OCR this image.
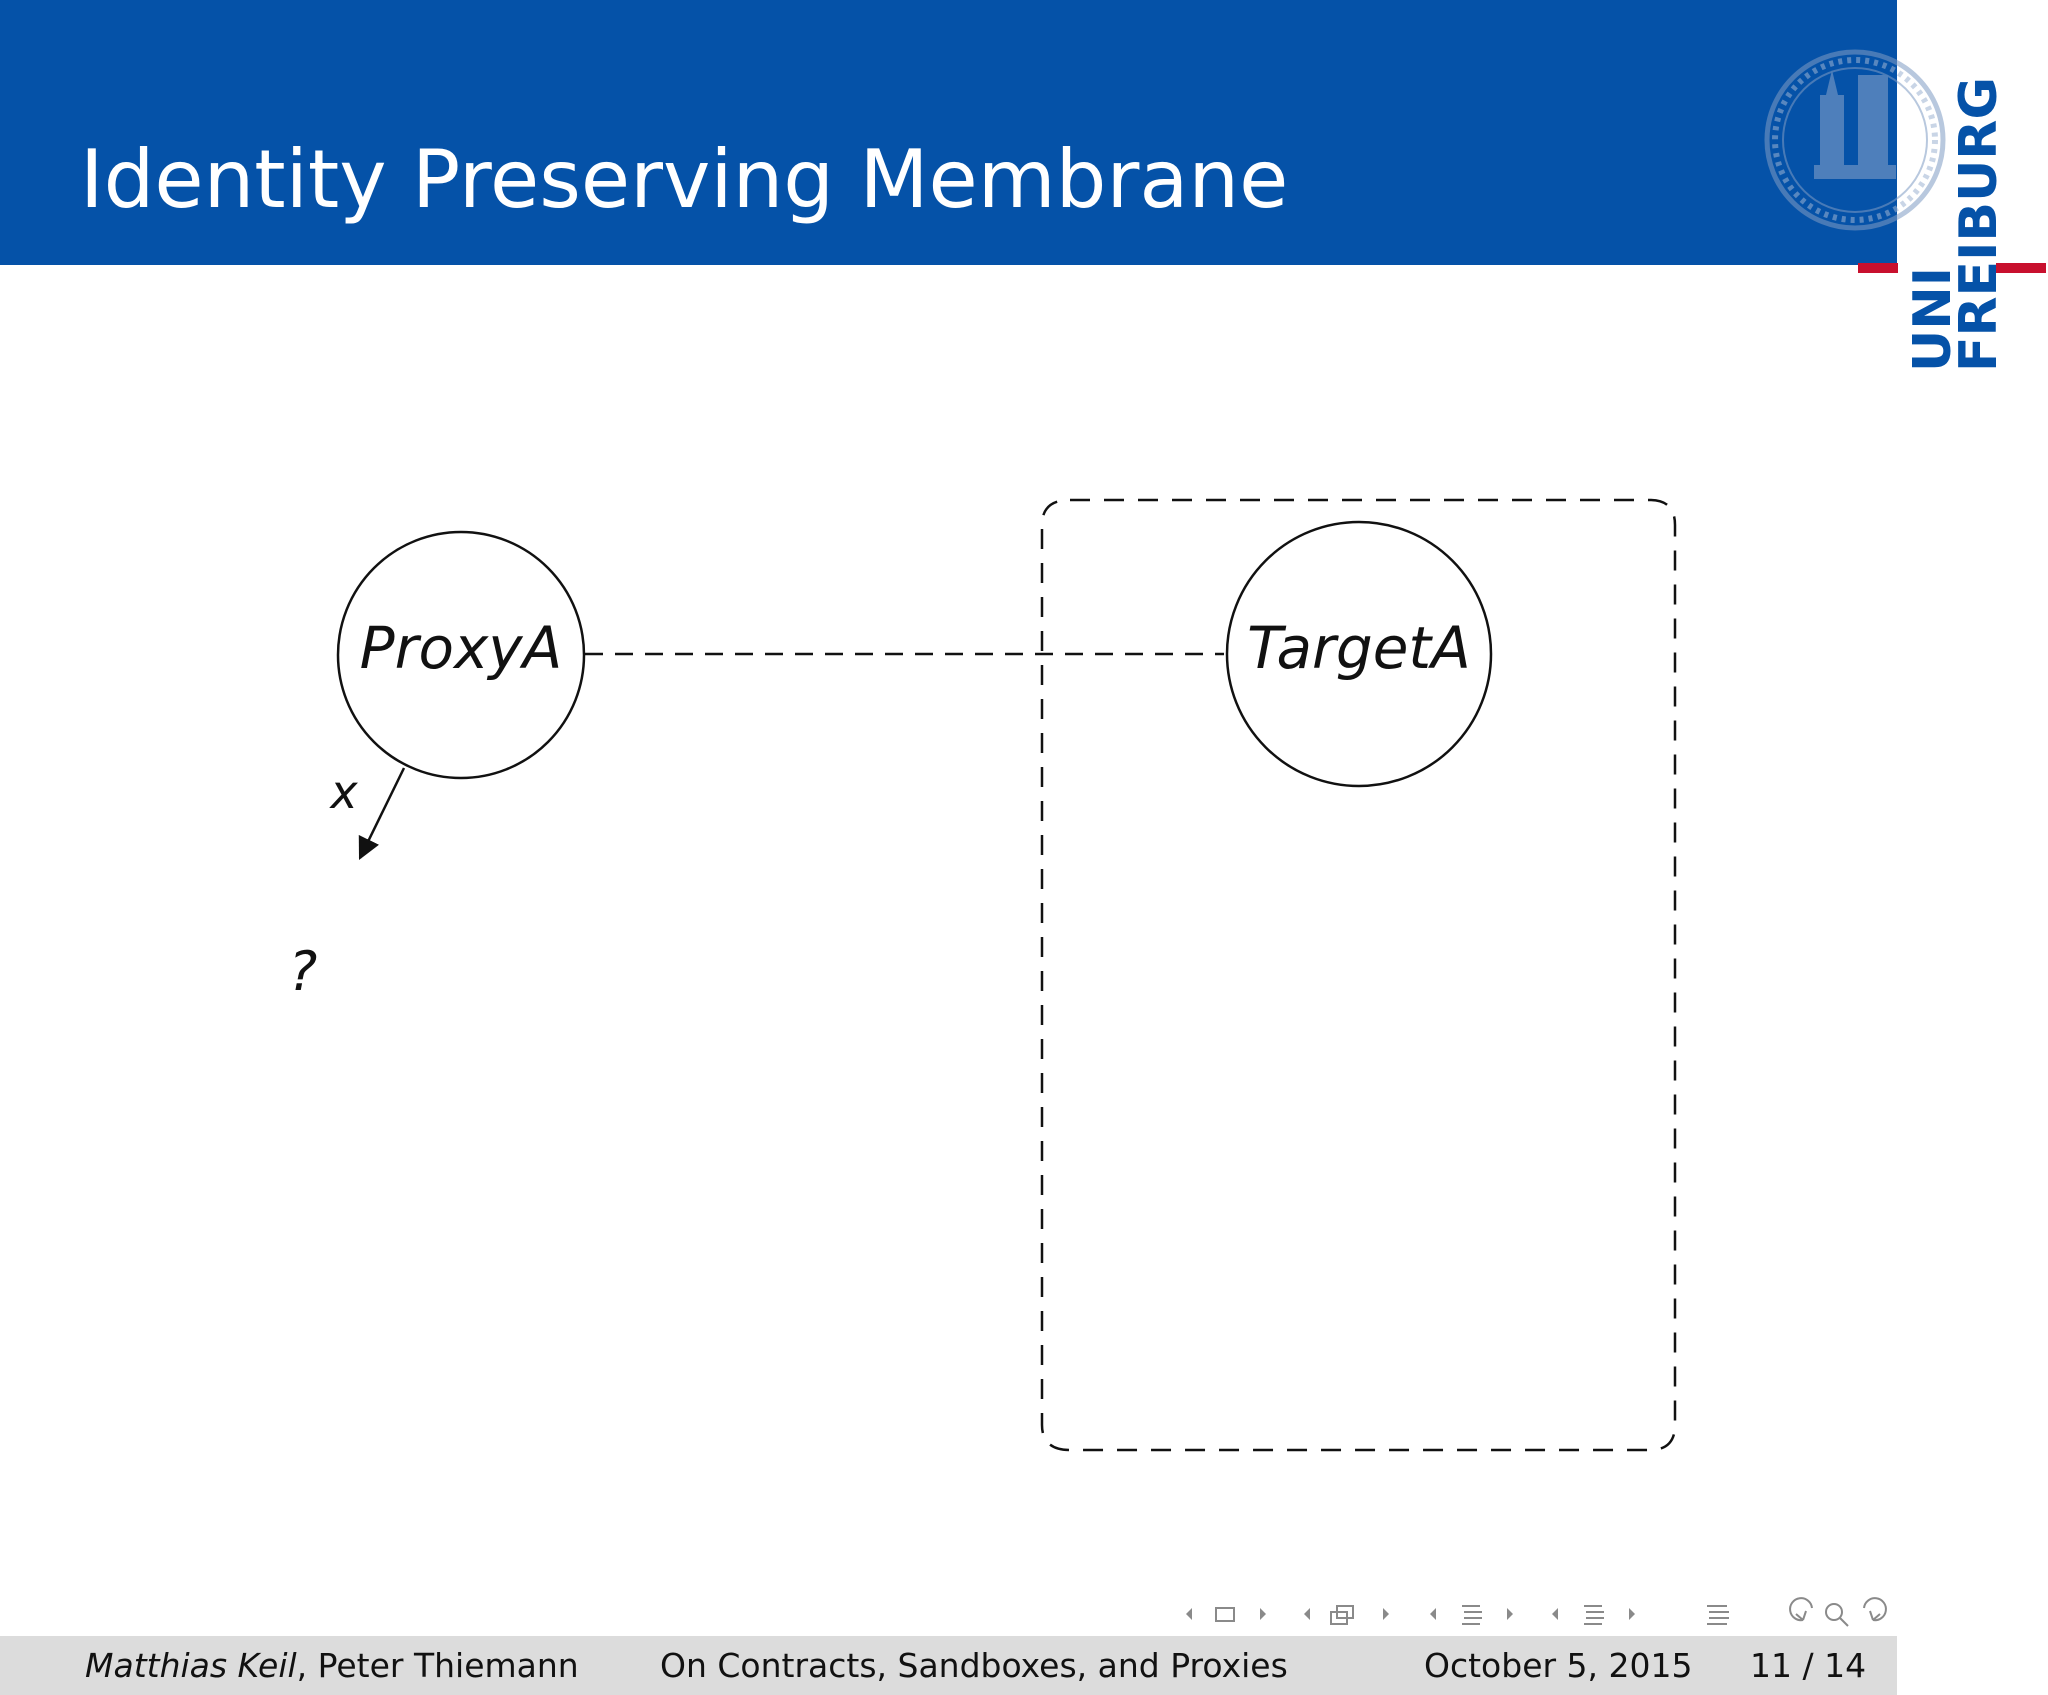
Identity Preserving Membrane
UNI
FREIBURG
ProxyA	TargetA
x
?
Matthias Keil, Peter Thiemann On Contracts, Sandboxes, and Proxies	October 5, 2015 11 / 14
